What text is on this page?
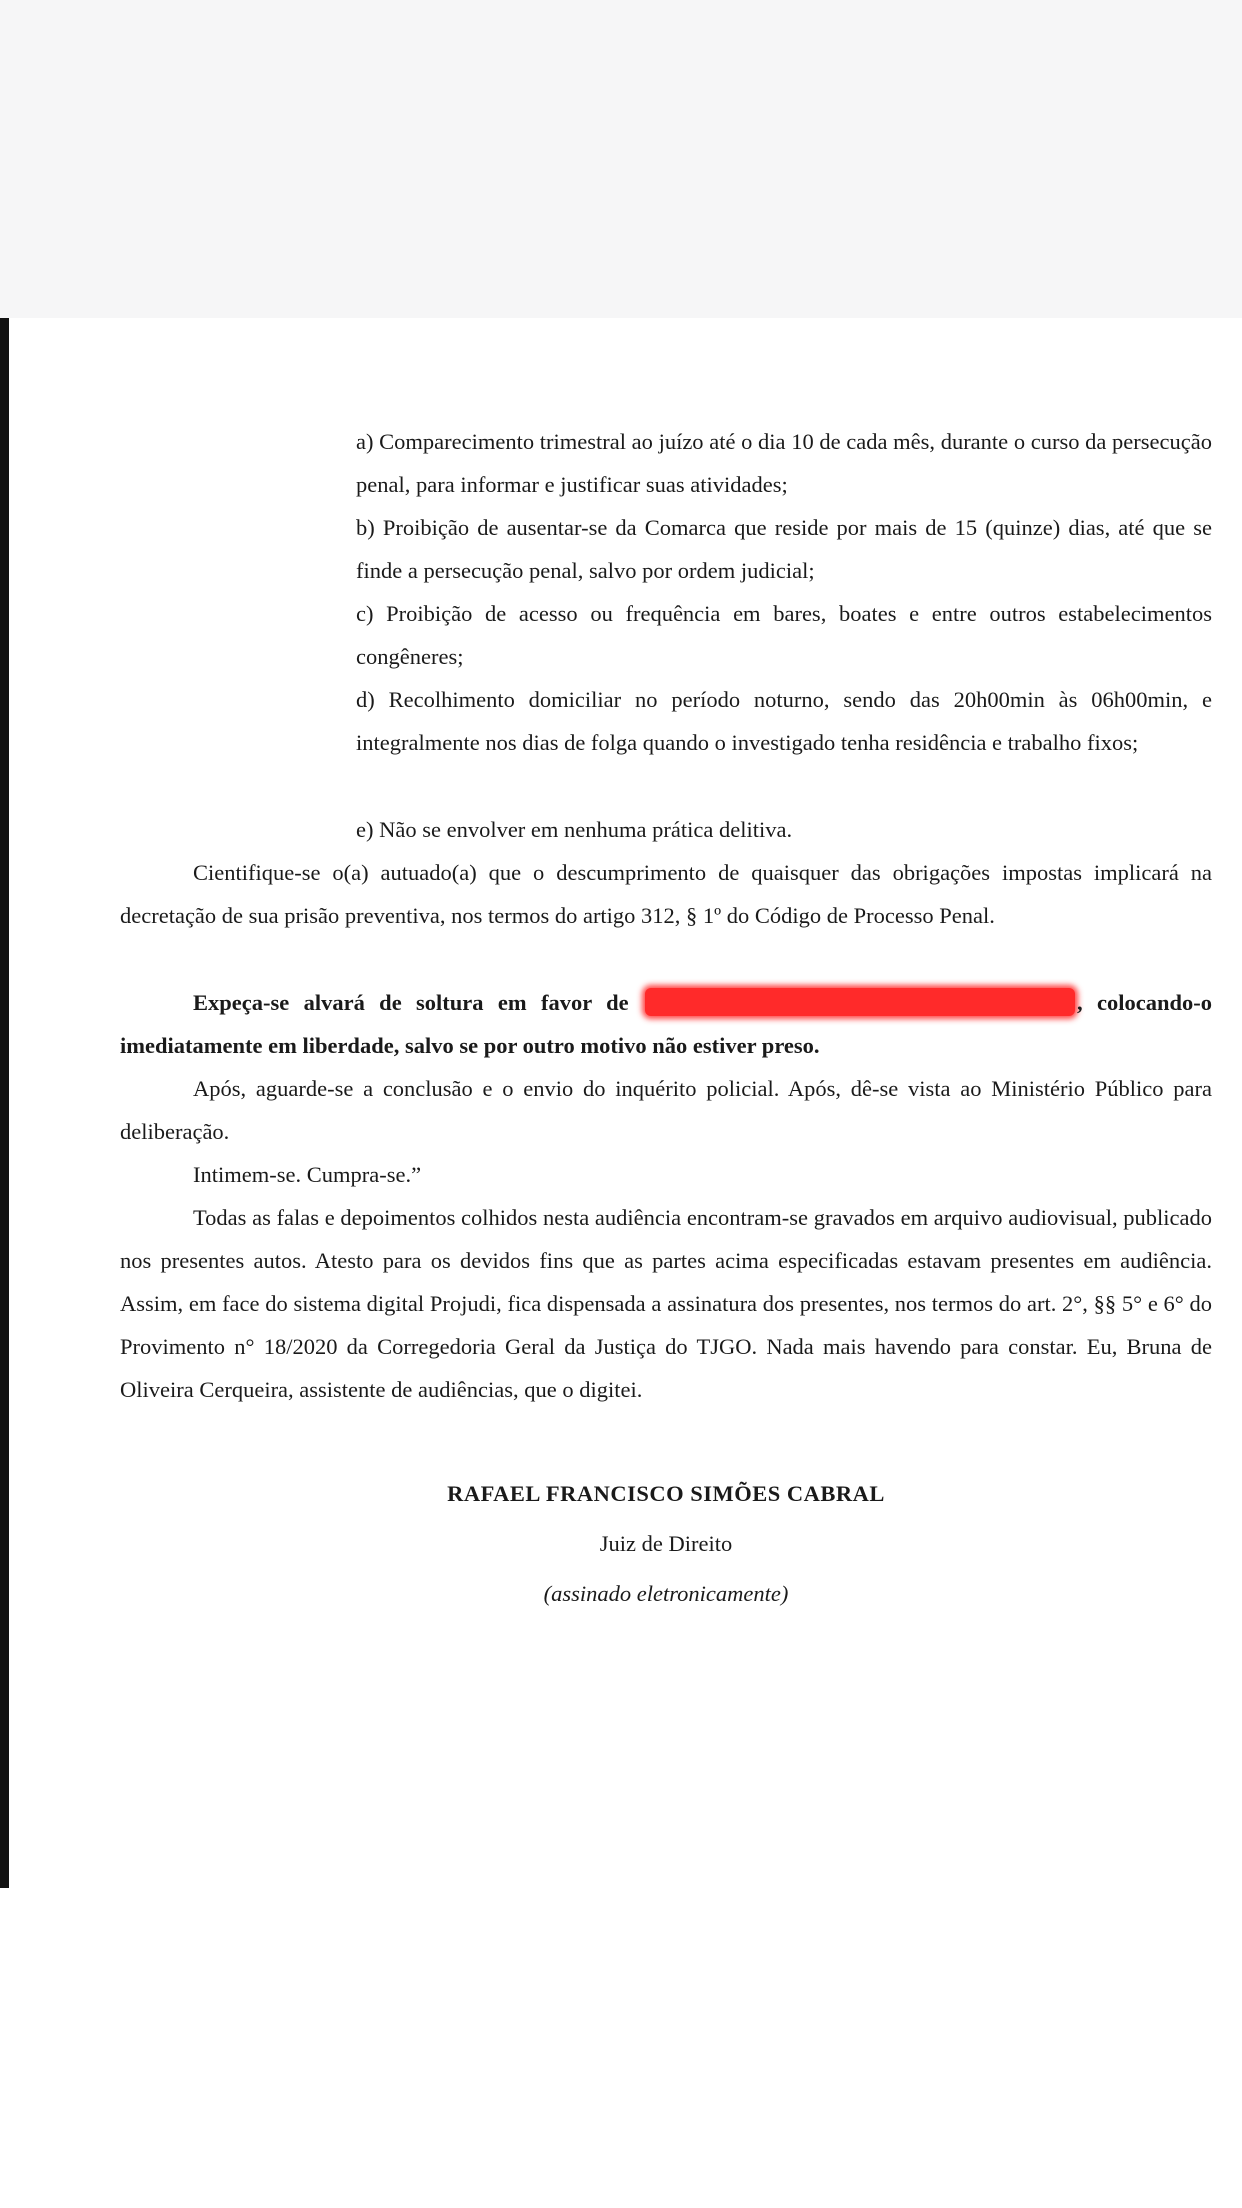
a) Comparecimento trimestral ao juízo até o dia 10 de cada mês, durante o curso da persecução penal, para informar e justificar suas atividades;

b) Proibição de ausentar-se da Comarca que reside por mais de 15 (quinze) dias, até que se finde a persecução penal, salvo por ordem judicial;

c) Proibição de acesso ou frequência em bares, boates e entre outros estabelecimentos congêneres;

d) Recolhimento domiciliar no período noturno, sendo das 20h00min às 06h00min, e integralmente nos dias de folga quando o investigado tenha residência e trabalho fixos;

e) Não se envolver em nenhuma prática delitiva.

Cientifique-se o(a) autuado(a) que o descumprimento de quaisquer das obrigações impostas implicará na decretação de sua prisão preventiva, nos termos do artigo 312, § 1º do Código de Processo Penal.

Expeça-se alvará de soltura em favor de	, colocando-o imediatamente em liberdade, salvo se por outro motivo não estiver preso.

Após, aguarde-se a conclusão e o envio do inquérito policial. Após, dê-se vista ao Ministério Público para deliberação.

Intimem-se. Cumpra-se.”

Todas as falas e depoimentos colhidos nesta audiência encontram-se gravados em arquivo audiovisual, publicado nos presentes autos. Atesto para os devidos fins que as partes acima especificadas estavam presentes em audiência. Assim, em face do sistema digital Projudi, fica dispensada a assinatura dos presentes, nos termos do art. 2°, §§ 5° e 6° do Provimento n° 18/2020 da Corregedoria Geral da Justiça do TJGO. Nada mais havendo para constar. Eu, Bruna de Oliveira Cerqueira, assistente de audiências, que o digitei.

RAFAEL FRANCISCO SIMÕES CABRAL

Juiz de Direito

(assinado eletronicamente)
